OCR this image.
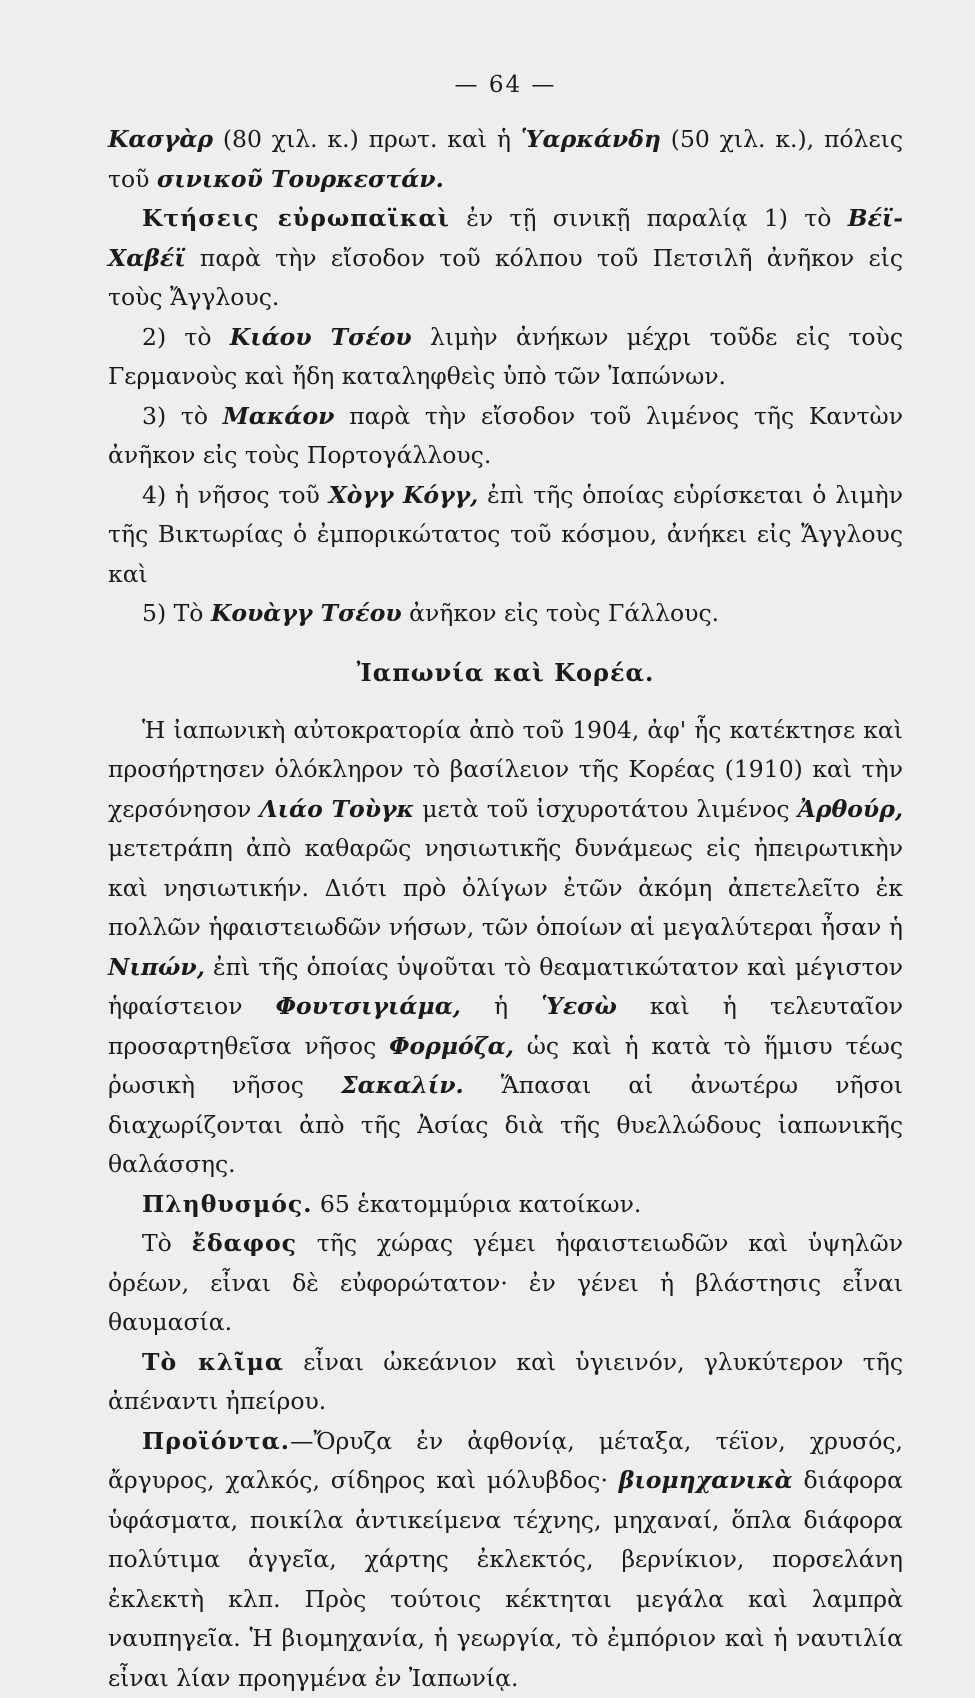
— 64 —

Κασγὰρ (80 χιλ. κ.) πρωτ. καὶ ἡ Ὑαρκάνδη (50 χιλ. κ.), πόλεις τοῦ σινικοῦ Τουρκεστάν.

Κτήσεις εὐρωπαϊκαὶ ἐν τῇ σινικῇ παραλίᾳ 1) τὸ Βέϊ-Χαβέϊ παρὰ τὴν εἴσοδον τοῦ κόλπου τοῦ Πετσιλῆ ἀνῆκον εἰς τοὺς Ἄγγλους.

2) τὸ Κιάου Τσέου λιμὴν ἀνήκων μέχρι τοῦδε εἰς τοὺς Γερμανοὺς καὶ ἤδη καταληφθεὶς ὑπὸ τῶν Ἰαπώνων.

3) τὸ Μακάον παρὰ τὴν εἴσοδον τοῦ λιμένος τῆς Καντὼν ἀνῆκον εἰς τοὺς Πορτογάλλους.

4) ἡ νῆσος τοῦ Χὸγγ Κόγγ, ἐπὶ τῆς ὁποίας εὑρίσκεται ὁ λιμὴν τῆς Βικτωρίας ὁ ἐμπορικώτατος τοῦ κόσμου, ἀνήκει εἰς Ἄγγλους καὶ

5) Τὸ Κουὰγγ Τσέου ἀνῆκον εἰς τοὺς Γάλλους.

Ἰαπωνία καὶ Κορέα.

Ἡ ἰαπωνικὴ αὐτοκρατορία ἀπὸ τοῦ 1904, ἀφ' ἧς κατέκτησε καὶ προσήρτησεν ὁλόκληρον τὸ βασίλειον τῆς Κορέας (1910) καὶ τὴν χερσόνησον Λιάο Τοὺγκ μετὰ τοῦ ἰσχυροτάτου λιμένος Ἀρθούρ, μετετράπη ἀπὸ καθαρῶς νησιωτικῆς δυνάμεως εἰς ἠπειρωτικὴν καὶ νησιωτικήν. Διότι πρὸ ὀλίγων ἐτῶν ἀκόμη ἀπετελεῖτο ἐκ πολλῶν ἡφαιστειωδῶν νήσων, τῶν ὁποίων αἱ μεγαλύτεραι ἦσαν ἡ Νιπών, ἐπὶ τῆς ὁποίας ὑψοῦται τὸ θεαματικώτατον καὶ μέγιστον ἡφαίστειον Φουτσιγιάμα, ἡ Ὑεσὼ καὶ ἡ τελευταῖον προσαρτηθεῖσα νῆσος Φορμόζα, ὡς καὶ ἡ κατὰ τὸ ἥμισυ τέως ῥωσικὴ νῆσος Σακαλίν. Ἅπασαι αἱ ἀνωτέρω νῆσοι διαχωρίζονται ἀπὸ τῆς Ἀσίας διὰ τῆς θυελλώδους ἰαπωνικῆς θαλάσσης.

Πληθυσμός. 65 ἑκατομμύρια κατοίκων.

Τὸ ἔδαφος τῆς χώρας γέμει ἡφαιστειωδῶν καὶ ὑψηλῶν ὀρέων, εἶναι δὲ εὐφορώτατον· ἐν γένει ἡ βλάστησις εἶναι θαυμασία.

Τὸ κλῖμα εἶναι ὠκεάνιον καὶ ὑγιεινόν, γλυκύτερον τῆς ἀπέναντι ἠπείρου.

Προϊόντα.—Ὄρυζα ἐν ἀφθονίᾳ, μέταξα, τέϊον, χρυσός, ἄργυρος, χαλκός, σίδηρος καὶ μόλυβδος· βιομηχανικὰ διάφορα ὑφάσματα, ποικίλα ἀντικείμενα τέχνης, μηχαναί, ὅπλα διάφορα πολύτιμα ἀγγεῖα, χάρτης ἐκλεκτός, βερνίκιον, πορσελάνη ἐκλεκτὴ κλπ. Πρὸς τούτοις κέκτηται μεγάλα καὶ λαμπρὰ ναυπηγεῖα. Ἡ βιομηχανία, ἡ γεωργία, τὸ ἐμπόριον καὶ ἡ ναυτιλία εἶναι λίαν προηγμένα ἐν Ἰαπωνίᾳ.
